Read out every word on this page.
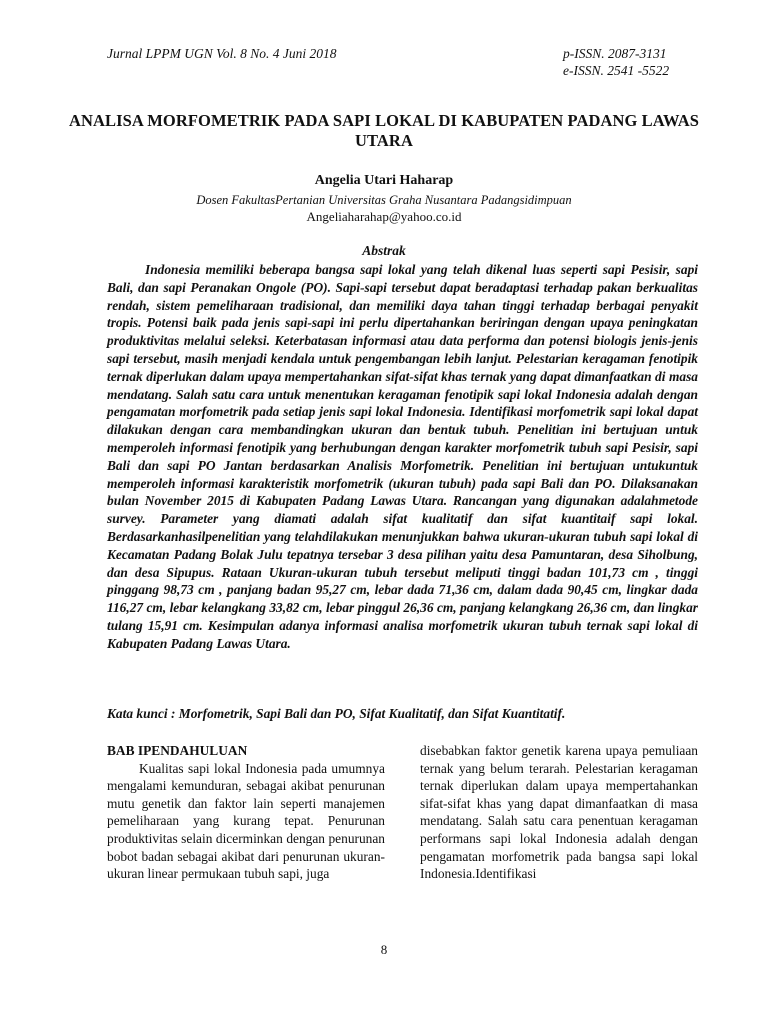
Jurnal LPPM UGN Vol. 8 No. 4 Juni 2018	p-ISSN. 2087-3131
e-ISSN. 2541 -5522
ANALISA MORFOMETRIK PADA SAPI LOKAL DI KABUPATEN PADANG LAWAS UTARA
Angelia Utari Haharap
Dosen FakultasPertanian Universitas Graha Nusantara Padangsidimpuan
Angeliaharahap@yahoo.co.id
Abstrak

Indonesia memiliki beberapa bangsa sapi lokal yang telah dikenal luas seperti sapi Pesisir, sapi Bali, dan sapi Peranakan Ongole (PO). Sapi-sapi tersebut dapat beradaptasi terhadap pakan berkualitas rendah, sistem pemeliharaan tradisional, dan memiliki daya tahan tinggi terhadap berbagai penyakit tropis. Potensi baik pada jenis sapi-sapi ini perlu dipertahankan beriringan dengan upaya peningkatan produktivitas melalui seleksi. Keterbatasan informasi atau data performa dan potensi biologis jenis-jenis sapi tersebut, masih menjadi kendala untuk pengembangan lebih lanjut. Pelestarian keragaman fenotipik ternak diperlukan dalam upaya mempertahankan sifat-sifat khas ternak yang dapat dimanfaatkan di masa mendatang. Salah satu cara untuk menentukan keragaman fenotipik sapi lokal Indonesia adalah dengan pengamatan morfometrik pada setiap jenis sapi lokal Indonesia. Identifikasi morfometrik sapi lokal dapat dilakukan dengan cara membandingkan ukuran dan bentuk tubuh. Penelitian ini bertujuan untuk memperoleh informasi fenotipik yang berhubungan dengan karakter morfometrik tubuh sapi Pesisir, sapi Bali dan sapi PO Jantan berdasarkan Analisis Morfometrik. Penelitian ini bertujuan untukuntuk memperoleh informasi karakteristik morfometrik (ukuran tubuh) pada sapi Bali dan PO. Dilaksanakan bulan November 2015 di Kabupaten Padang Lawas Utara. Rancangan yang digunakan adalahmetode survey. Parameter yang diamati adalah sifat kualitatif dan sifat kuantitaif sapi lokal. Berdasarkanhasilpenelitian yang telahdilakukan menunjukkan bahwa ukuran-ukuran tubuh sapi lokal di Kecamatan Padang Bolak Julu tepatnya tersebar 3 desa pilihan yaitu desa Pamuntaran, desa Siholbung, dan desa Sipupus. Rataan Ukuran-ukuran tubuh tersebut meliputi tinggi badan 101,73 cm , tinggi pinggang 98,73 cm , panjang badan 95,27 cm, lebar dada 71,36 cm, dalam dada 90,45 cm, lingkar dada 116,27 cm, lebar kelangkang 33,82 cm, lebar pinggul 26,36 cm, panjang kelangkang 26,36 cm, dan lingkar tulang 15,91 cm. Kesimpulan adanya informasi analisa morfometrik ukuran tubuh ternak sapi lokal di Kabupaten Padang Lawas Utara.

Kata kunci : Morfometrik, Sapi Bali dan PO, Sifat Kualitatif, dan Sifat Kuantitatif.

BAB IPENDAHULUAN

Kualitas sapi lokal Indonesia pada umumnya mengalami kemunduran, sebagai akibat penurunan mutu genetik dan faktor lain seperti manajemen pemeliharaan yang kurang tepat. Penurunan produktivitas selain dicerminkan dengan penurunan bobot badan sebagai akibat dari penurunan ukuran-ukuran linear permukaan tubuh sapi, juga

disebabkan faktor genetik karena upaya pemuliaan ternak yang belum terarah. Pelestarian keragaman ternak diperlukan dalam upaya mempertahankan sifat-sifat khas yang dapat dimanfaatkan di masa mendatang. Salah satu cara penentuan keragaman performans sapi lokal Indonesia adalah dengan pengamatan morfometrik pada bangsa sapi lokal Indonesia.Identifikasi

8
